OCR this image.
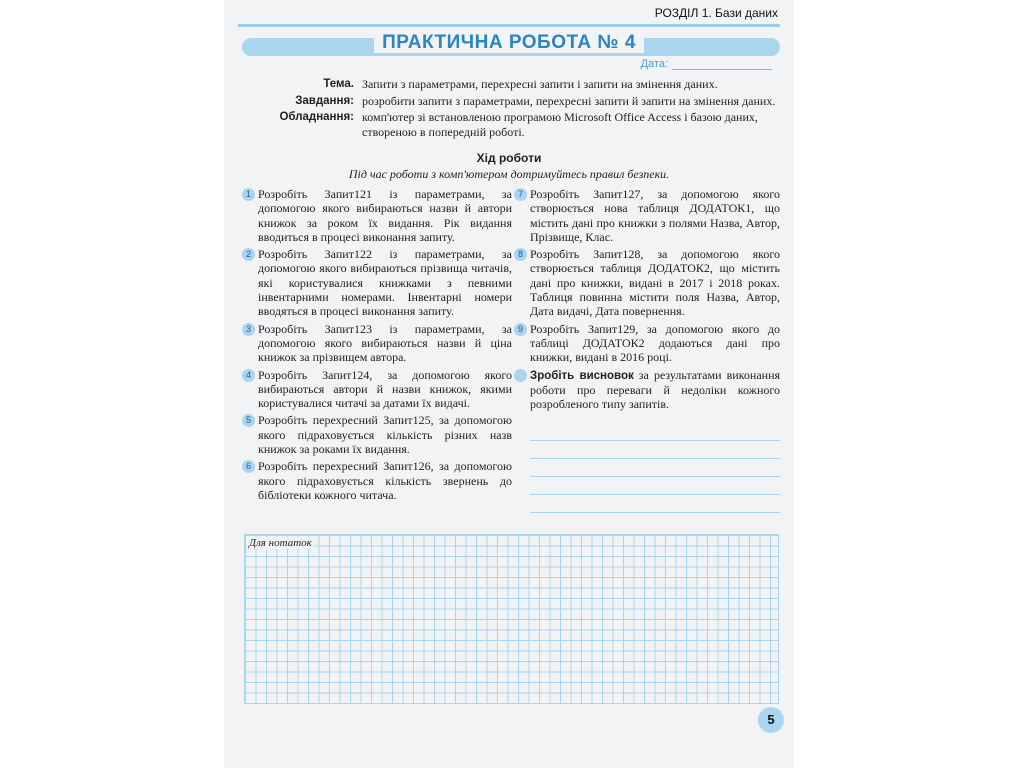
РОЗДІЛ 1. Бази даних
ПРАКТИЧНА РОБОТА № 4
Дата:
Тема. Запити з параметрами, перехресні запити і запити на змінення даних.
Завдання: розробити запити з параметрами, перехресні запити й запити на змінення даних.
Обладнання: комп'ютер зі встановленою програмою Microsoft Office Access і базою даних, створеною в попередній роботі.
Хід роботи
Під час роботи з комп'ютером дотримуйтесь правил безпеки.
1 Розробіть Запит121 із параметрами, за допомогою якого вибираються назви й автори книжок за роком їх видання. Рік видання вводиться в процесі виконання запиту.
2 Розробіть Запит122 із параметрами, за допомогою якого вибираються прізвища читачів, які користувалися книжками з певними інвентарними номерами. Інвентарні номери вводяться в процесі виконання запиту.
3 Розробіть Запит123 із параметрами, за допомогою якого вибираються назви й ціна книжок за прізвищем автора.
4 Розробіть Запит124, за допомогою якого вибираються автори й назви книжок, якими користувалися читачі за датами їх видачі.
5 Розробіть перехресний Запит125, за допомогою якого підраховується кількість різних назв книжок за роками їх видання.
6 Розробіть перехресний Запит126, за допомогою якого підраховується кількість звернень до бібліотеки кожного читача.
7 Розробіть Запит127, за допомогою якого створюється нова таблиця ДОДАТОК1, що містить дані про книжки з полями Назва, Автор, Прізвище, Клас.
8 Розробіть Запит128, за допомогою якого створюється таблиця ДОДАТОК2, що містить дані про книжки, видані в 2017 і 2018 роках. Таблиця повинна містити поля Назва, Автор, Дата видачі, Дата повернення.
9 Розробіть Запит129, за допомогою якого до таблиці ДОДАТОК2 додаються дані про книжки, видані в 2016 році.
Зробіть висновок за результатами виконання роботи про переваги й недоліки кожного розробленого типу запитів.
Для нотаток
5
